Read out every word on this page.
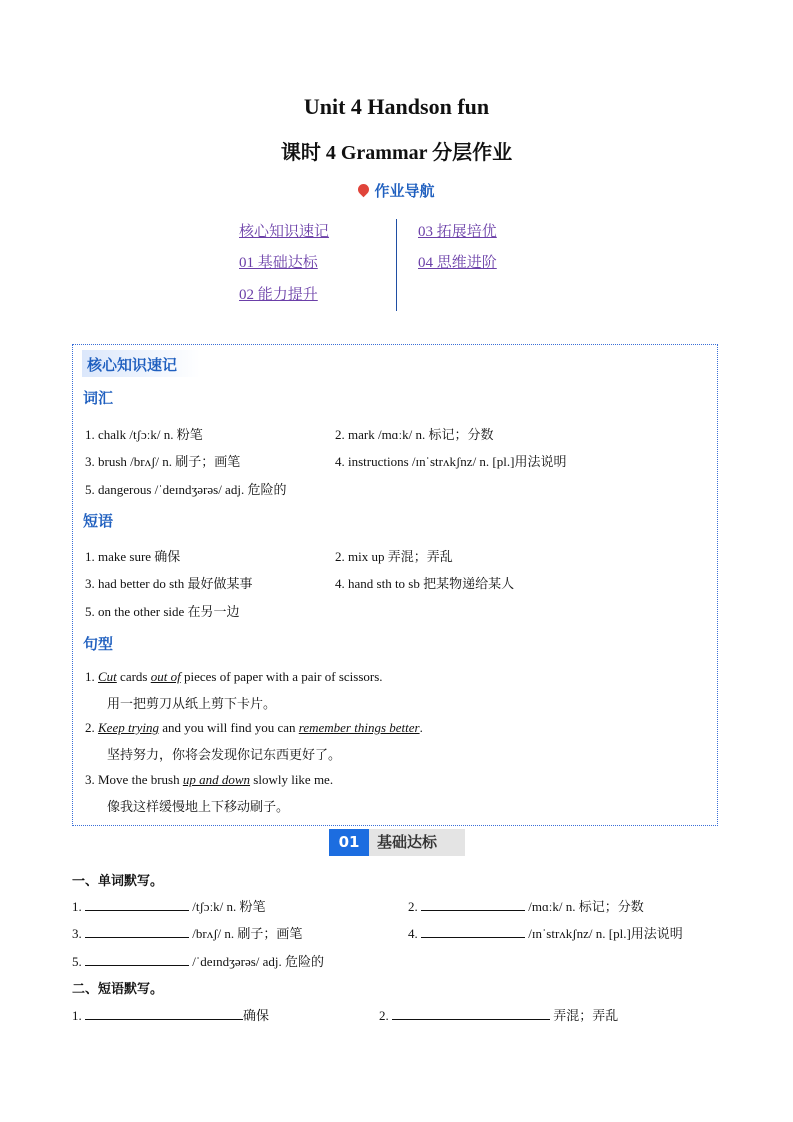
Unit 4 Handson fun
课时 4 Grammar 分层作业
作业导航
核心知识速记
01 基础达标
02 能力提升
03 拓展培优
04 思维进阶
核心知识速记
词汇
1. chalk /tʃɔːk/ n. 粉笔	2. mark /mɑːk/ n. 标记；分数
3. brush /brʌʃ/ n. 刷子；画笔	4. instructions /ɪnˈstrʌkʃnz/ n. [pl.]用法说明
5. dangerous /ˈdeɪndʒərəs/ adj. 危险的
短语
1. make sure 确保	2. mix up 弄混；弄乱
3. had better do sth 最好做某事	4. hand sth to sb 把某物递给某人
5. on the other side 在另一边
句型
1. Cut cards out of pieces of paper with a pair of scissors.
用一把剪刀从纸上剪下卡片。
2. Keep trying and you will find you can remember things better.
坚持努力，你将会发现你记东西更好了。
3. Move the brush up and down slowly like me.
像我这样缓慢地上下移动刷子。
01	基础达标
一、单词默写。
1.	/tʃɔːk/ n. 粉笔	2.	/mɑːk/ n. 标记；分数
3.	/brʌʃ/ n. 刷子；画笔	4.	/ɪnˈstrʌkʃnz/ n. [pl.]用法说明
5.	/ˈdeɪndʒərəs/ adj. 危险的
二、短语默写。
1.	确保	2.	弄混；弄乱
